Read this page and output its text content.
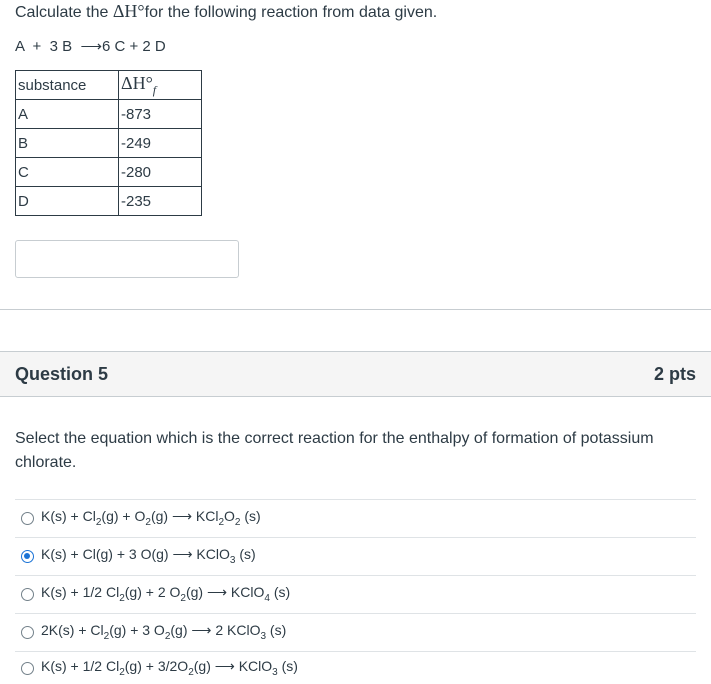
Calculate the ΔH°for the following reaction from data given.
A  +  3 B  ⟶6 C + 2 D
substance	$\Delta H^\circ_f$
A	-873
B	-249
C	-280
D	-235
Question 5	2 pts
Select the equation which is the correct reaction for the enthalpy of formation of potassium chlorate.
$K(s) + Cl_2(g) + O_2(g)$ ⟶ $KCl_2O_2$ (s)
K(s) + Cl(g) + 3 O(g) ⟶ KClO$_3$ (s)
K(s) + 1/2 $Cl_2(g) + 2$ $O_2(g)$ ⟶ KClO$_4$ (s)
$2K(s) + Cl_2(g) + 3$ $O_2(g)$ ⟶ 2 KClO$_3$ (s)
K(s) + 1/2 $Cl_2(g) + 3/2O_2(g)$ ⟶ KClO$_3$ (s)
